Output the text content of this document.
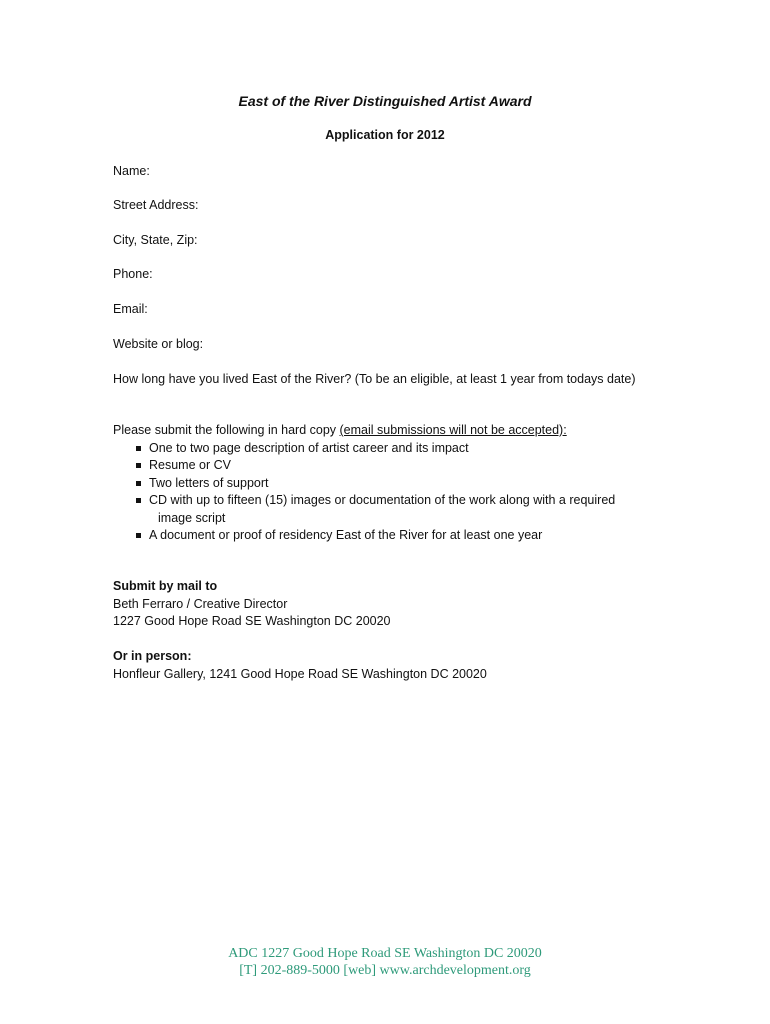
East of the River Distinguished Artist Award
Application for 2012
Name:
Street Address:
City, State, Zip:
Phone:
Email:
Website or blog:
How long have you lived East of the River? (To be an eligible, at least 1 year from todays date)
Please submit the following in hard copy (email submissions will not be accepted):
One to two page description of artist career and its impact
Resume or CV
Two letters of support
CD with up to fifteen (15) images or documentation of the work along with a required
image script
A document or proof of residency East of the River for at least one year
Submit by mail to
Beth Ferraro / Creative Director
1227 Good Hope Road SE Washington DC 20020
Or in person:
Honfleur Gallery, 1241 Good Hope Road SE Washington DC 20020
ADC 1227 Good Hope Road SE Washington DC 20020
[T] 202-889-5000 [web] www.archdevelopment.org
